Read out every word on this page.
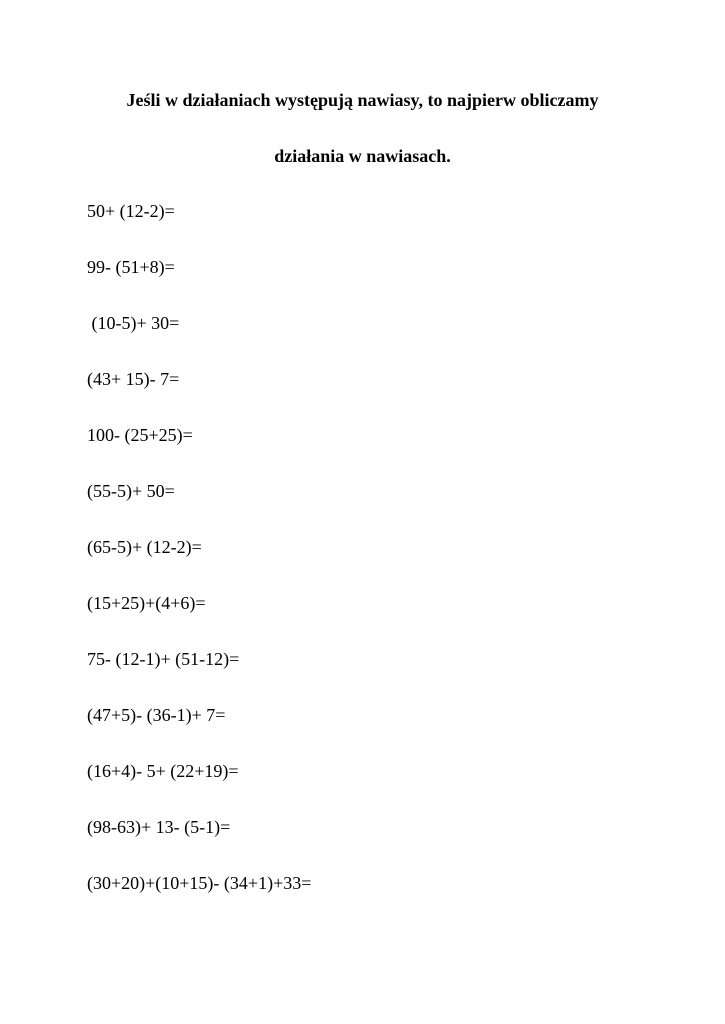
Jeśli w działaniach występują nawiasy, to najpierw obliczamy

działania w nawiasach.

50+ (12-2)=

99- (51+8)=

(10-5)+ 30=

(43+ 15)- 7=

100- (25+25)=

(55-5)+ 50=

(65-5)+ (12-2)=

(15+25)+(4+6)=

75- (12-1)+ (51-12)=

(47+5)- (36-1)+ 7=

(16+4)- 5+ (22+19)=

(98-63)+ 13- (5-1)=

(30+20)+(10+15)- (34+1)+33=
